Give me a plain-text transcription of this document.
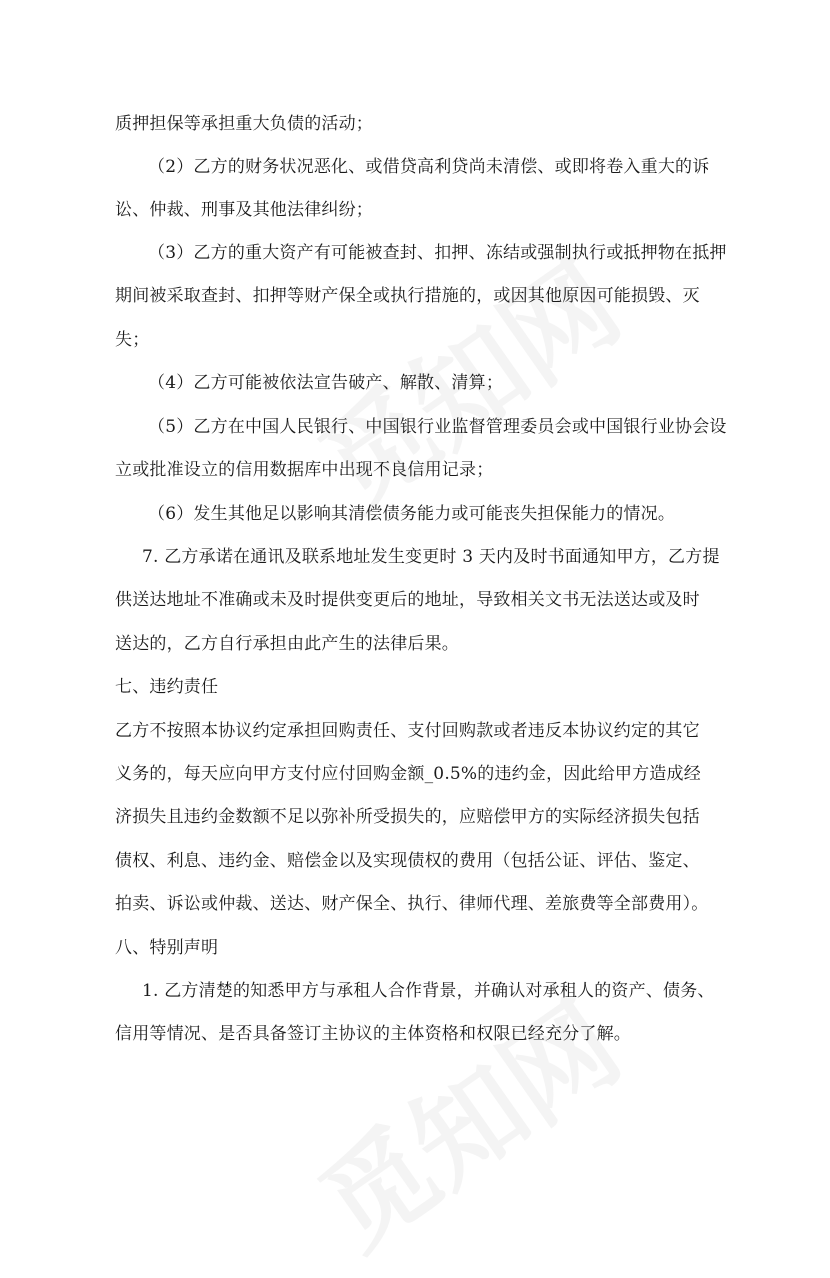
质押担保等承担重大负债的活动；
（2）乙方的财务状况恶化、或借贷高利贷尚未清偿、或即将卷入重大的诉
讼、仲裁、刑事及其他法律纠纷；
（3）乙方的重大资产有可能被查封、扣押、冻结或强制执行或抵押物在抵押
期间被采取查封、扣押等财产保全或执行措施的，或因其他原因可能损毁、灭
失；
（4）乙方可能被依法宣告破产、解散、清算；
（5）乙方在中国人民银行、中国银行业监督管理委员会或中国银行业协会设
立或批准设立的信用数据库中出现不良信用记录；
（6）发生其他足以影响其清偿债务能力或可能丧失担保能力的情况。
7. 乙方承诺在通讯及联系地址发生变更时 3 天内及时书面通知甲方，乙方提
供送达地址不准确或未及时提供变更后的地址，导致相关文书无法送达或及时
送达的，乙方自行承担由此产生的法律后果。
七、违约责任
乙方不按照本协议约定承担回购责任、支付回购款或者违反本协议约定的其它
义务的，每天应向甲方支付应付回购金额_0.5%的违约金，因此给甲方造成经
济损失且违约金数额不足以弥补所受损失的，应赔偿甲方的实际经济损失包括
债权、利息、违约金、赔偿金以及实现债权的费用（包括公证、评估、鉴定、
拍卖、诉讼或仲裁、送达、财产保全、执行、律师代理、差旅费等全部费用）。
八、特别声明
1. 乙方清楚的知悉甲方与承租人合作背景，并确认对承租人的资产、债务、
信用等情况、是否具备签订主协议的主体资格和权限已经充分了解。
